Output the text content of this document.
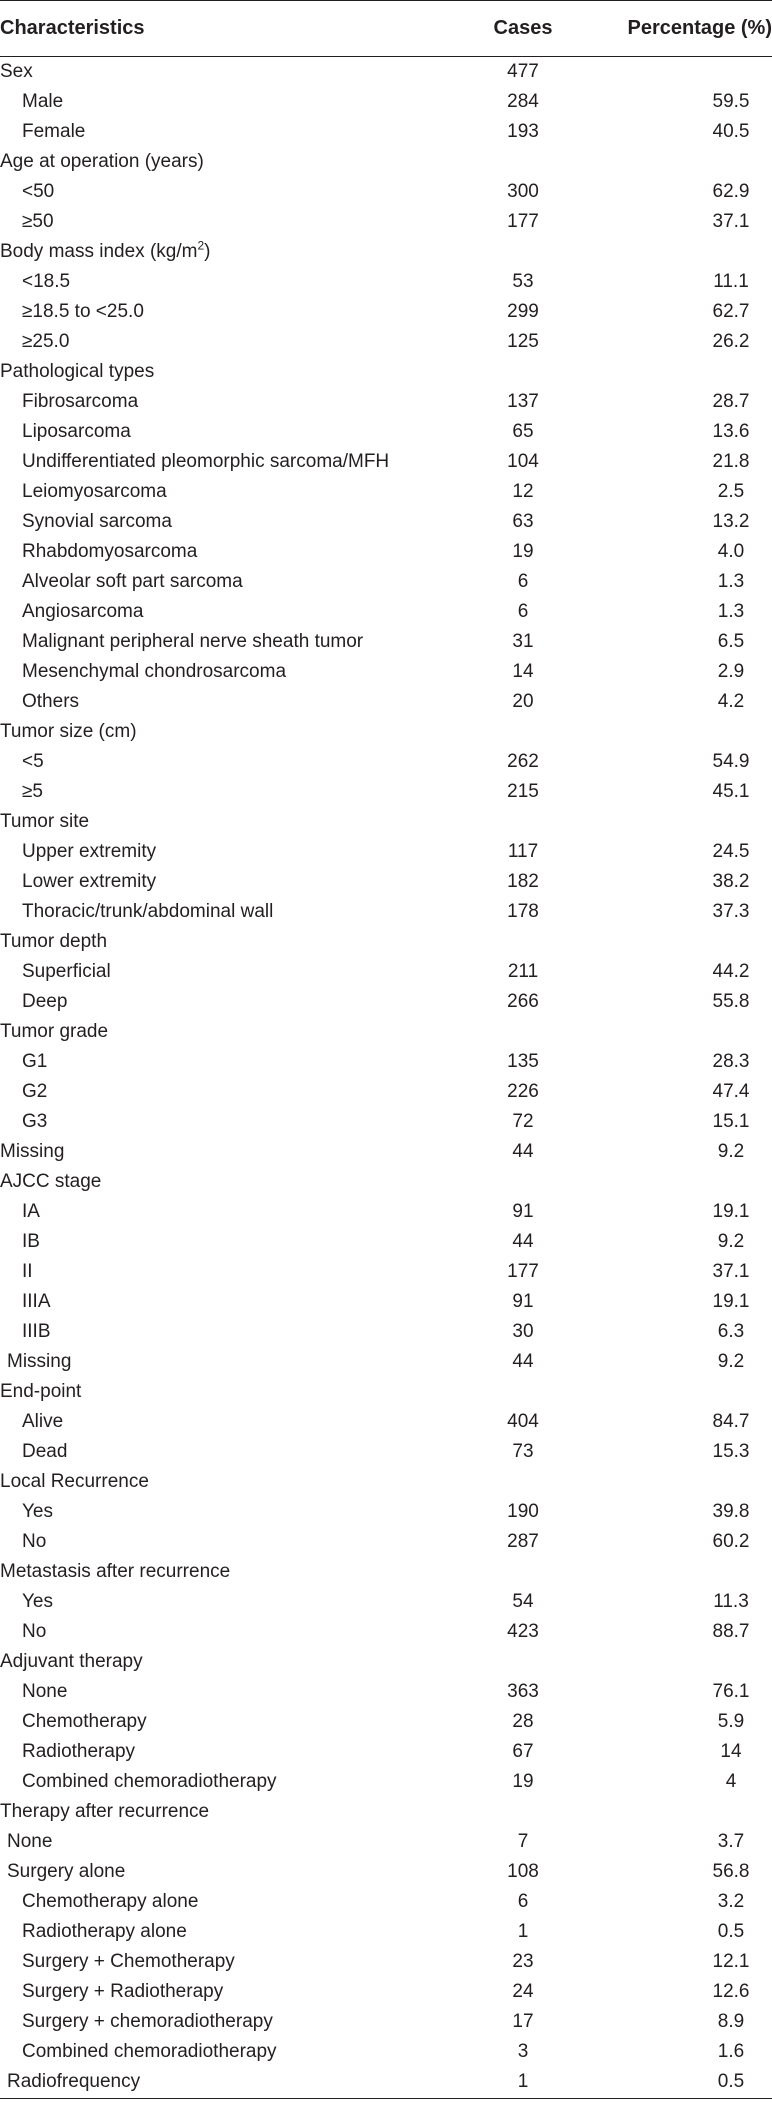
Characteristics	Cases	Percentage (%)
Sex	477	
Male	284	59.5
Female	193	40.5
Age at operation (years)		
<50	300	62.9
≥50	177	37.1
Body mass index $(kg/m^2)$		
<18.5	53	11.1
≥18.5 to <25.0	299	62.7
≥25.0	125	26.2
Pathological types		
Fibrosarcoma	137	28.7
Liposarcoma	65	13.6
Undifferentiated pleomorphic sarcoma/MFH	104	21.8
Leiomyosarcoma	12	2.5
Synovial sarcoma	63	13.2
Rhabdomyosarcoma	19	4.0
Alveolar soft part sarcoma	6	1.3
Angiosarcoma	6	1.3
Malignant peripheral nerve sheath tumor	31	6.5
Mesenchymal chondrosarcoma	14	2.9
Others	20	4.2
Tumor size (cm)		
<5	262	54.9
≥5	215	45.1
Tumor site		
Upper extremity	117	24.5
Lower extremity	182	38.2
Thoracic/trunk/abdominal wall	178	37.3
Tumor depth		
Superficial	211	44.2
Deep	266	55.8
Tumor grade		
G1	135	28.3
G2	226	47.4
G3	72	15.1
Missing	44	9.2
AJCC stage		
IA	91	19.1
IB	44	9.2
II	177	37.1
IIIA	91	19.1
IIIB	30	6.3
Missing	44	9.2
End-point		
Alive	404	84.7
Dead	73	15.3
Local Recurrence		
Yes	190	39.8
No	287	60.2
Metastasis after recurrence		
Yes	54	11.3
No	423	88.7
Adjuvant therapy		
None	363	76.1
Chemotherapy	28	5.9
Radiotherapy	67	14
Combined chemoradiotherapy	19	4
Therapy after recurrence		
None	7	3.7
Surgery alone	108	56.8
Chemotherapy alone	6	3.2
Radiotherapy alone	1	0.5
Surgery + Chemotherapy	23	12.1
Surgery + Radiotherapy	24	12.6
Surgery + chemoradiotherapy	17	8.9
Combined chemoradiotherapy	3	1.6
Radiofrequency	1	0.5
